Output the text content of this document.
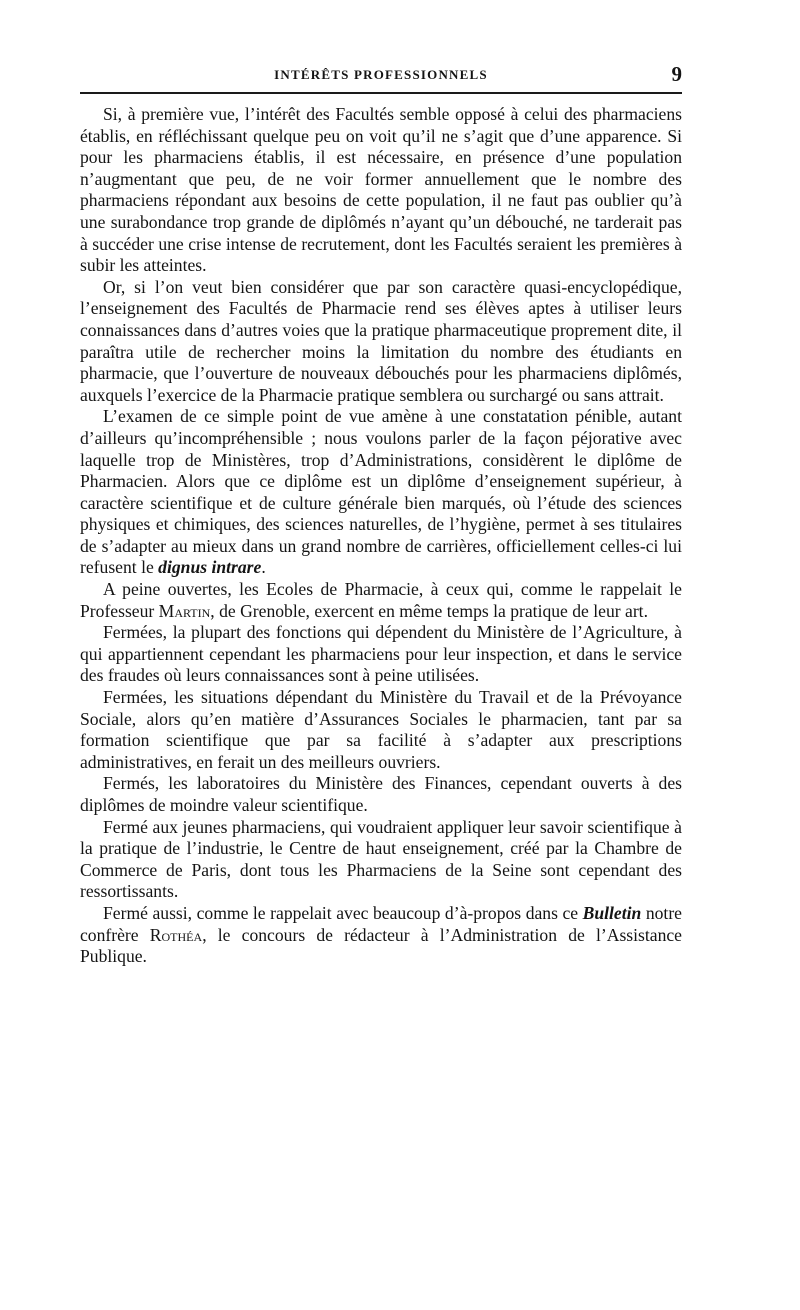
INTÉRÊTS PROFESSIONNELS	9

Si, à première vue, l’intérêt des Facultés semble opposé à celui des pharmaciens établis, en réfléchissant quelque peu on voit qu’il ne s’agit que d’une apparence. Si pour les pharmaciens établis, il est nécessaire, en présence d’une population n’augmentant que peu, de ne voir former annuellement que le nombre des pharmaciens répondant aux besoins de cette population, il ne faut pas oublier qu’à une surabondance trop grande de diplômés n’ayant qu’un débouché, ne tarderait pas à succéder une crise intense de recrutement, dont les Facultés seraient les premières à subir les atteintes.

Or, si l’on veut bien considérer que par son caractère quasi-encyclopédique, l’enseignement des Facultés de Pharmacie rend ses élèves aptes à utiliser leurs connaissances dans d’autres voies que la pratique pharmaceutique proprement dite, il paraîtra utile de rechercher moins la limitation du nombre des étudiants en pharmacie, que l’ouverture de nouveaux débouchés pour les pharmaciens diplômés, auxquels l’exercice de la Pharmacie pratique semblera ou surchargé ou sans attrait.

L’examen de ce simple point de vue amène à une constatation pénible, autant d’ailleurs qu’incompréhensible ; nous voulons parler de la façon péjorative avec laquelle trop de Ministères, trop d’Administrations, considèrent le diplôme de Pharmacien. Alors que ce diplôme est un diplôme d’enseignement supérieur, à caractère scientifique et de culture générale bien marqués, où l’étude des sciences physiques et chimiques, des sciences naturelles, de l’hygiène, permet à ses titulaires de s’adapter au mieux dans un grand nombre de carrières, officiellement celles-ci lui refusent le dignus intrare.

A peine ouvertes, les Ecoles de Pharmacie, à ceux qui, comme le rappelait le Professeur Martin, de Grenoble, exercent en même temps la pratique de leur art.

Fermées, la plupart des fonctions qui dépendent du Ministère de l’Agriculture, à qui appartiennent cependant les pharmaciens pour leur inspection, et dans le service des fraudes où leurs connaissances sont à peine utilisées.

Fermées, les situations dépendant du Ministère du Travail et de la Prévoyance Sociale, alors qu’en matière d’Assurances Sociales le pharmacien, tant par sa formation scientifique que par sa facilité à s’adapter aux prescriptions administratives, en ferait un des meilleurs ouvriers.

Fermés, les laboratoires du Ministère des Finances, cependant ouverts à des diplômes de moindre valeur scientifique.

Fermé aux jeunes pharmaciens, qui voudraient appliquer leur savoir scientifique à la pratique de l’industrie, le Centre de haut enseignement, créé par la Chambre de Commerce de Paris, dont tous les Pharmaciens de la Seine sont cependant des ressortissants.

Fermé aussi, comme le rappelait avec beaucoup d’à-propos dans ce Bulletin notre confrère Rothéa, le concours de rédacteur à l’Administration de l’Assistance Publique.
